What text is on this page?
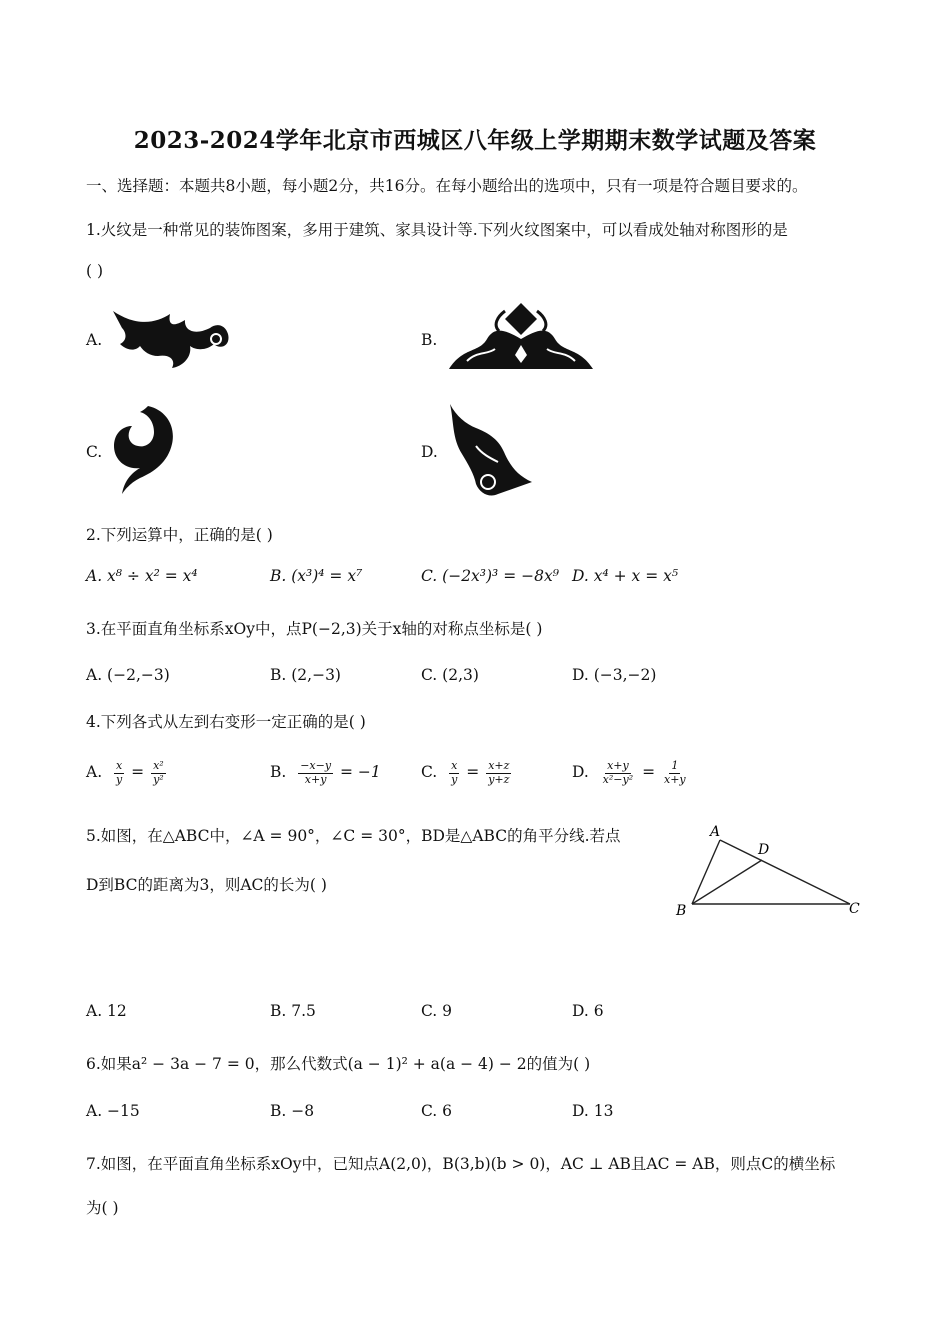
2023-2024学年北京市西城区八年级上学期期末数学试题及答案
一、选择题：本题共8小题，每小题2分，共16分。在每小题给出的选项中，只有一项是符合题目要求的。
1.火纹是一种常见的装饰图案，多用于建筑、家具设计等.下列火纹图案中，可以看成处轴对称图形的是
( )
A.	B.
C.	D.
2.下列运算中，正确的是( )
A. x⁸ ÷ x² = x⁴	B. (x³)⁴ = x⁷	C. (−2x³)³ = −8x⁹ D. x⁴ + x = x⁵
3.在平面直角坐标系xOy中，点P(−2,3)关于x轴的对称点坐标是( )
A. (−2,−3)	B. (2,−3)	C. (2,3)	D. (−3,−2)
4.下列各式从左到右变形一定正确的是( )
A. $\frac{x}{y} = \frac{\text{x²}}{\text{y²}}$	B. $\frac{-x-y}{x+y} = -1$	C. $\frac{x}{y} = \frac{x+z}{y+z}$	D. $\frac{x+y}{\text{x²−y²}} = \frac{1}{x+y}$
5.如图，在△ABC中，∠A = 90°，∠C = 30°，BD是△ABC的角平分线.若点
D到BC的距离为3，则AC的长为( )
A
D
B	C
A. 12	B. 7.5	C. 9	D. 6
6.如果a² − 3a − 7 = 0，那么代数式(a − 1)² + a(a − 4) − 2的值为( )
A. −15	B. −8	C. 6	D. 13
7.如图，在平面直角坐标系xOy中，已知点A(2,0)，B(3,b)(b > 0)，AC ⊥ AB且AC = AB，则点C的横坐标
为( )
